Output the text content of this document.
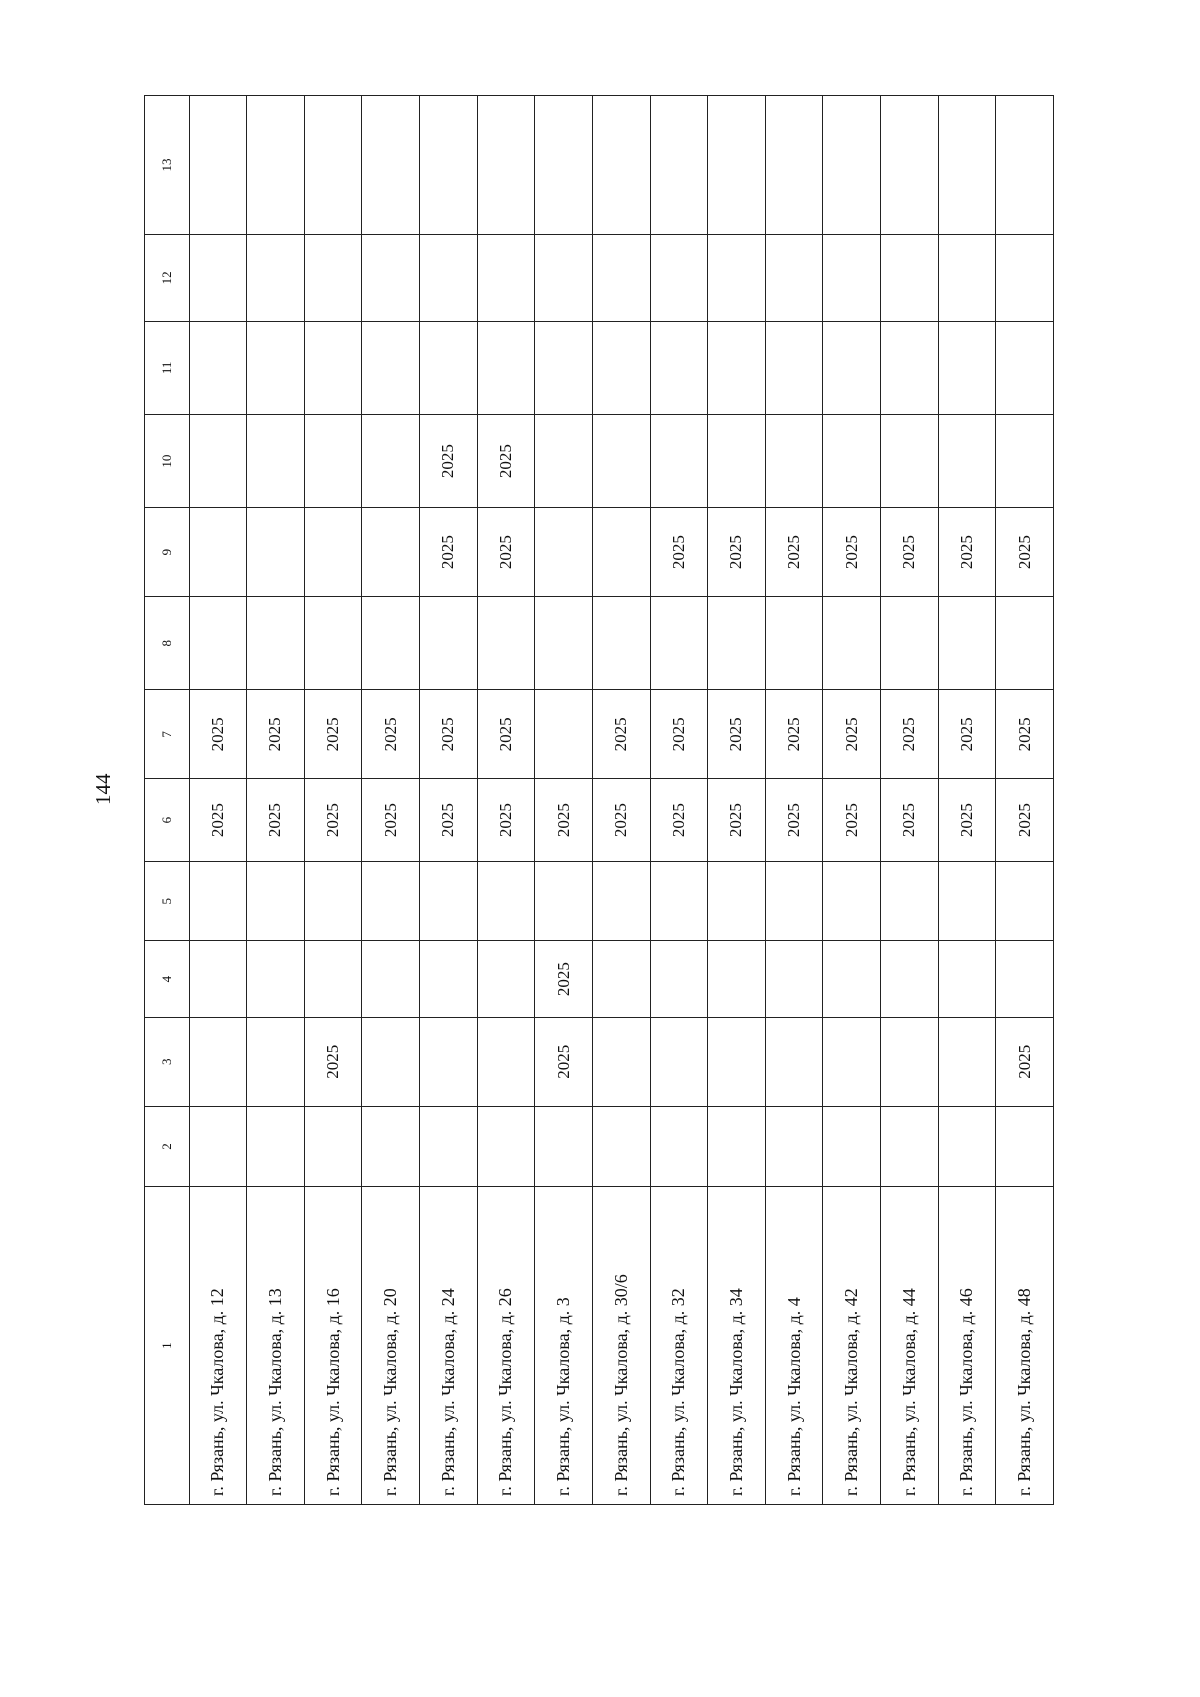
144
1	2	3	4	5	6	7	8	9	10	11	12	13
г. Рязань, ул. Чкалова, д. 12					2025	2025						
г. Рязань, ул. Чкалова, д. 13					2025	2025						
г. Рязань, ул. Чкалова, д. 16		2025			2025	2025						
г. Рязань, ул. Чкалова, д. 20					2025	2025						
г. Рязань, ул. Чкалова, д. 24					2025	2025		2025	2025			
г. Рязань, ул. Чкалова, д. 26					2025	2025		2025	2025			
г. Рязань, ул. Чкалова, д. 3		2025	2025		2025							
г. Рязань, ул. Чкалова, д. 30/6					2025	2025						
г. Рязань, ул. Чкалова, д. 32					2025	2025		2025				
г. Рязань, ул. Чкалова, д. 34					2025	2025		2025				
г. Рязань, ул. Чкалова, д. 4					2025	2025		2025				
г. Рязань, ул. Чкалова, д. 42					2025	2025		2025				
г. Рязань, ул. Чкалова, д. 44					2025	2025		2025				
г. Рязань, ул. Чкалова, д. 46					2025	2025		2025				
г. Рязань, ул. Чкалова, д. 48		2025			2025	2025		2025				
